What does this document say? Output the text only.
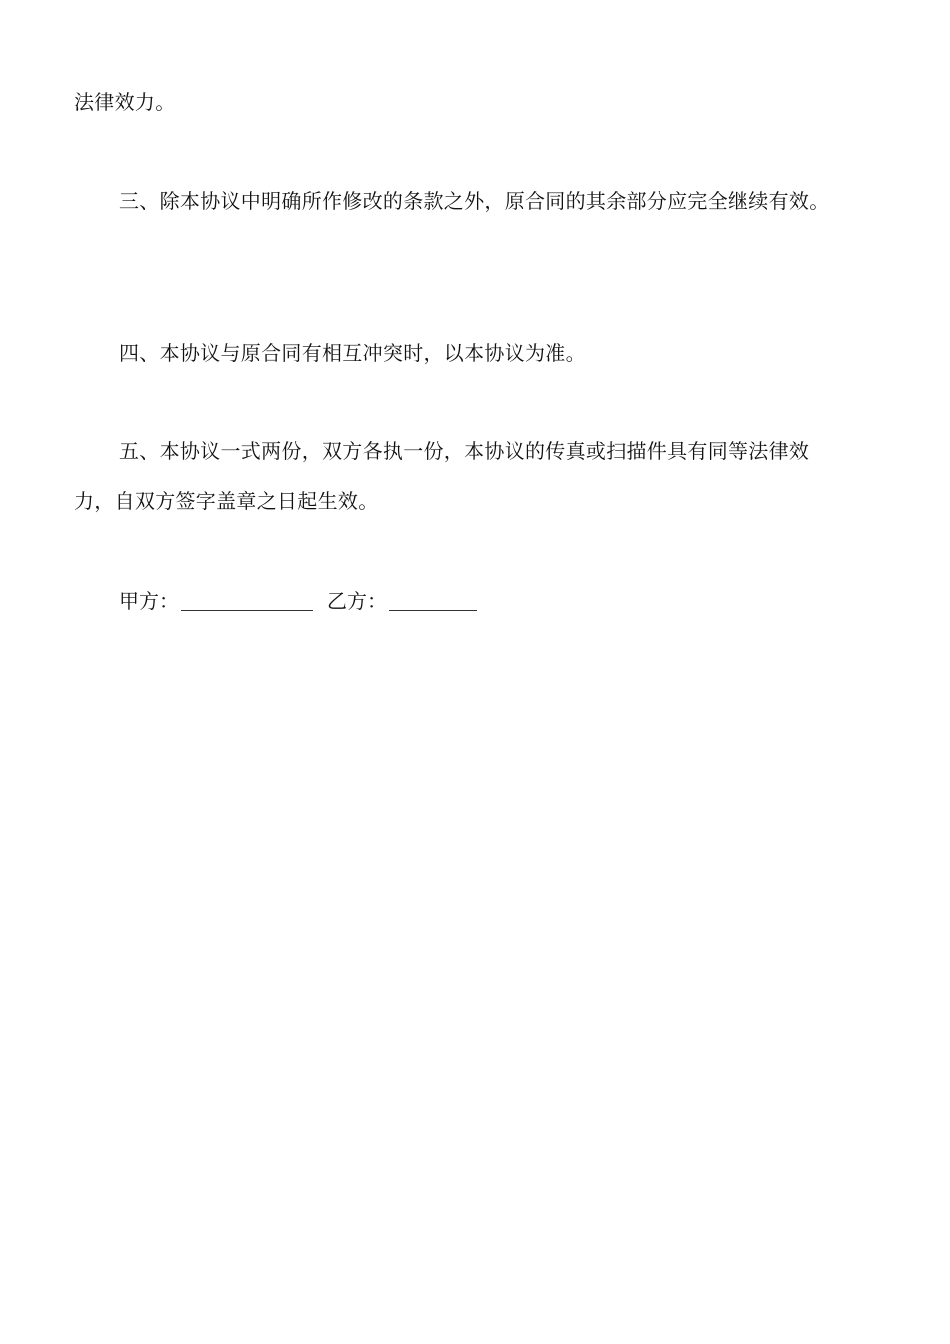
法律效力。
三、除本协议中明确所作修改的条款之外，原合同的其余部分应完全继续有效。
四、本协议与原合同有相互冲突时，以本协议为准。
五、本协议一式两份，双方各执一份，本协议的传真或扫描件具有同等法律效
力，自双方签字盖章之日起生效。
甲方：	乙方：
